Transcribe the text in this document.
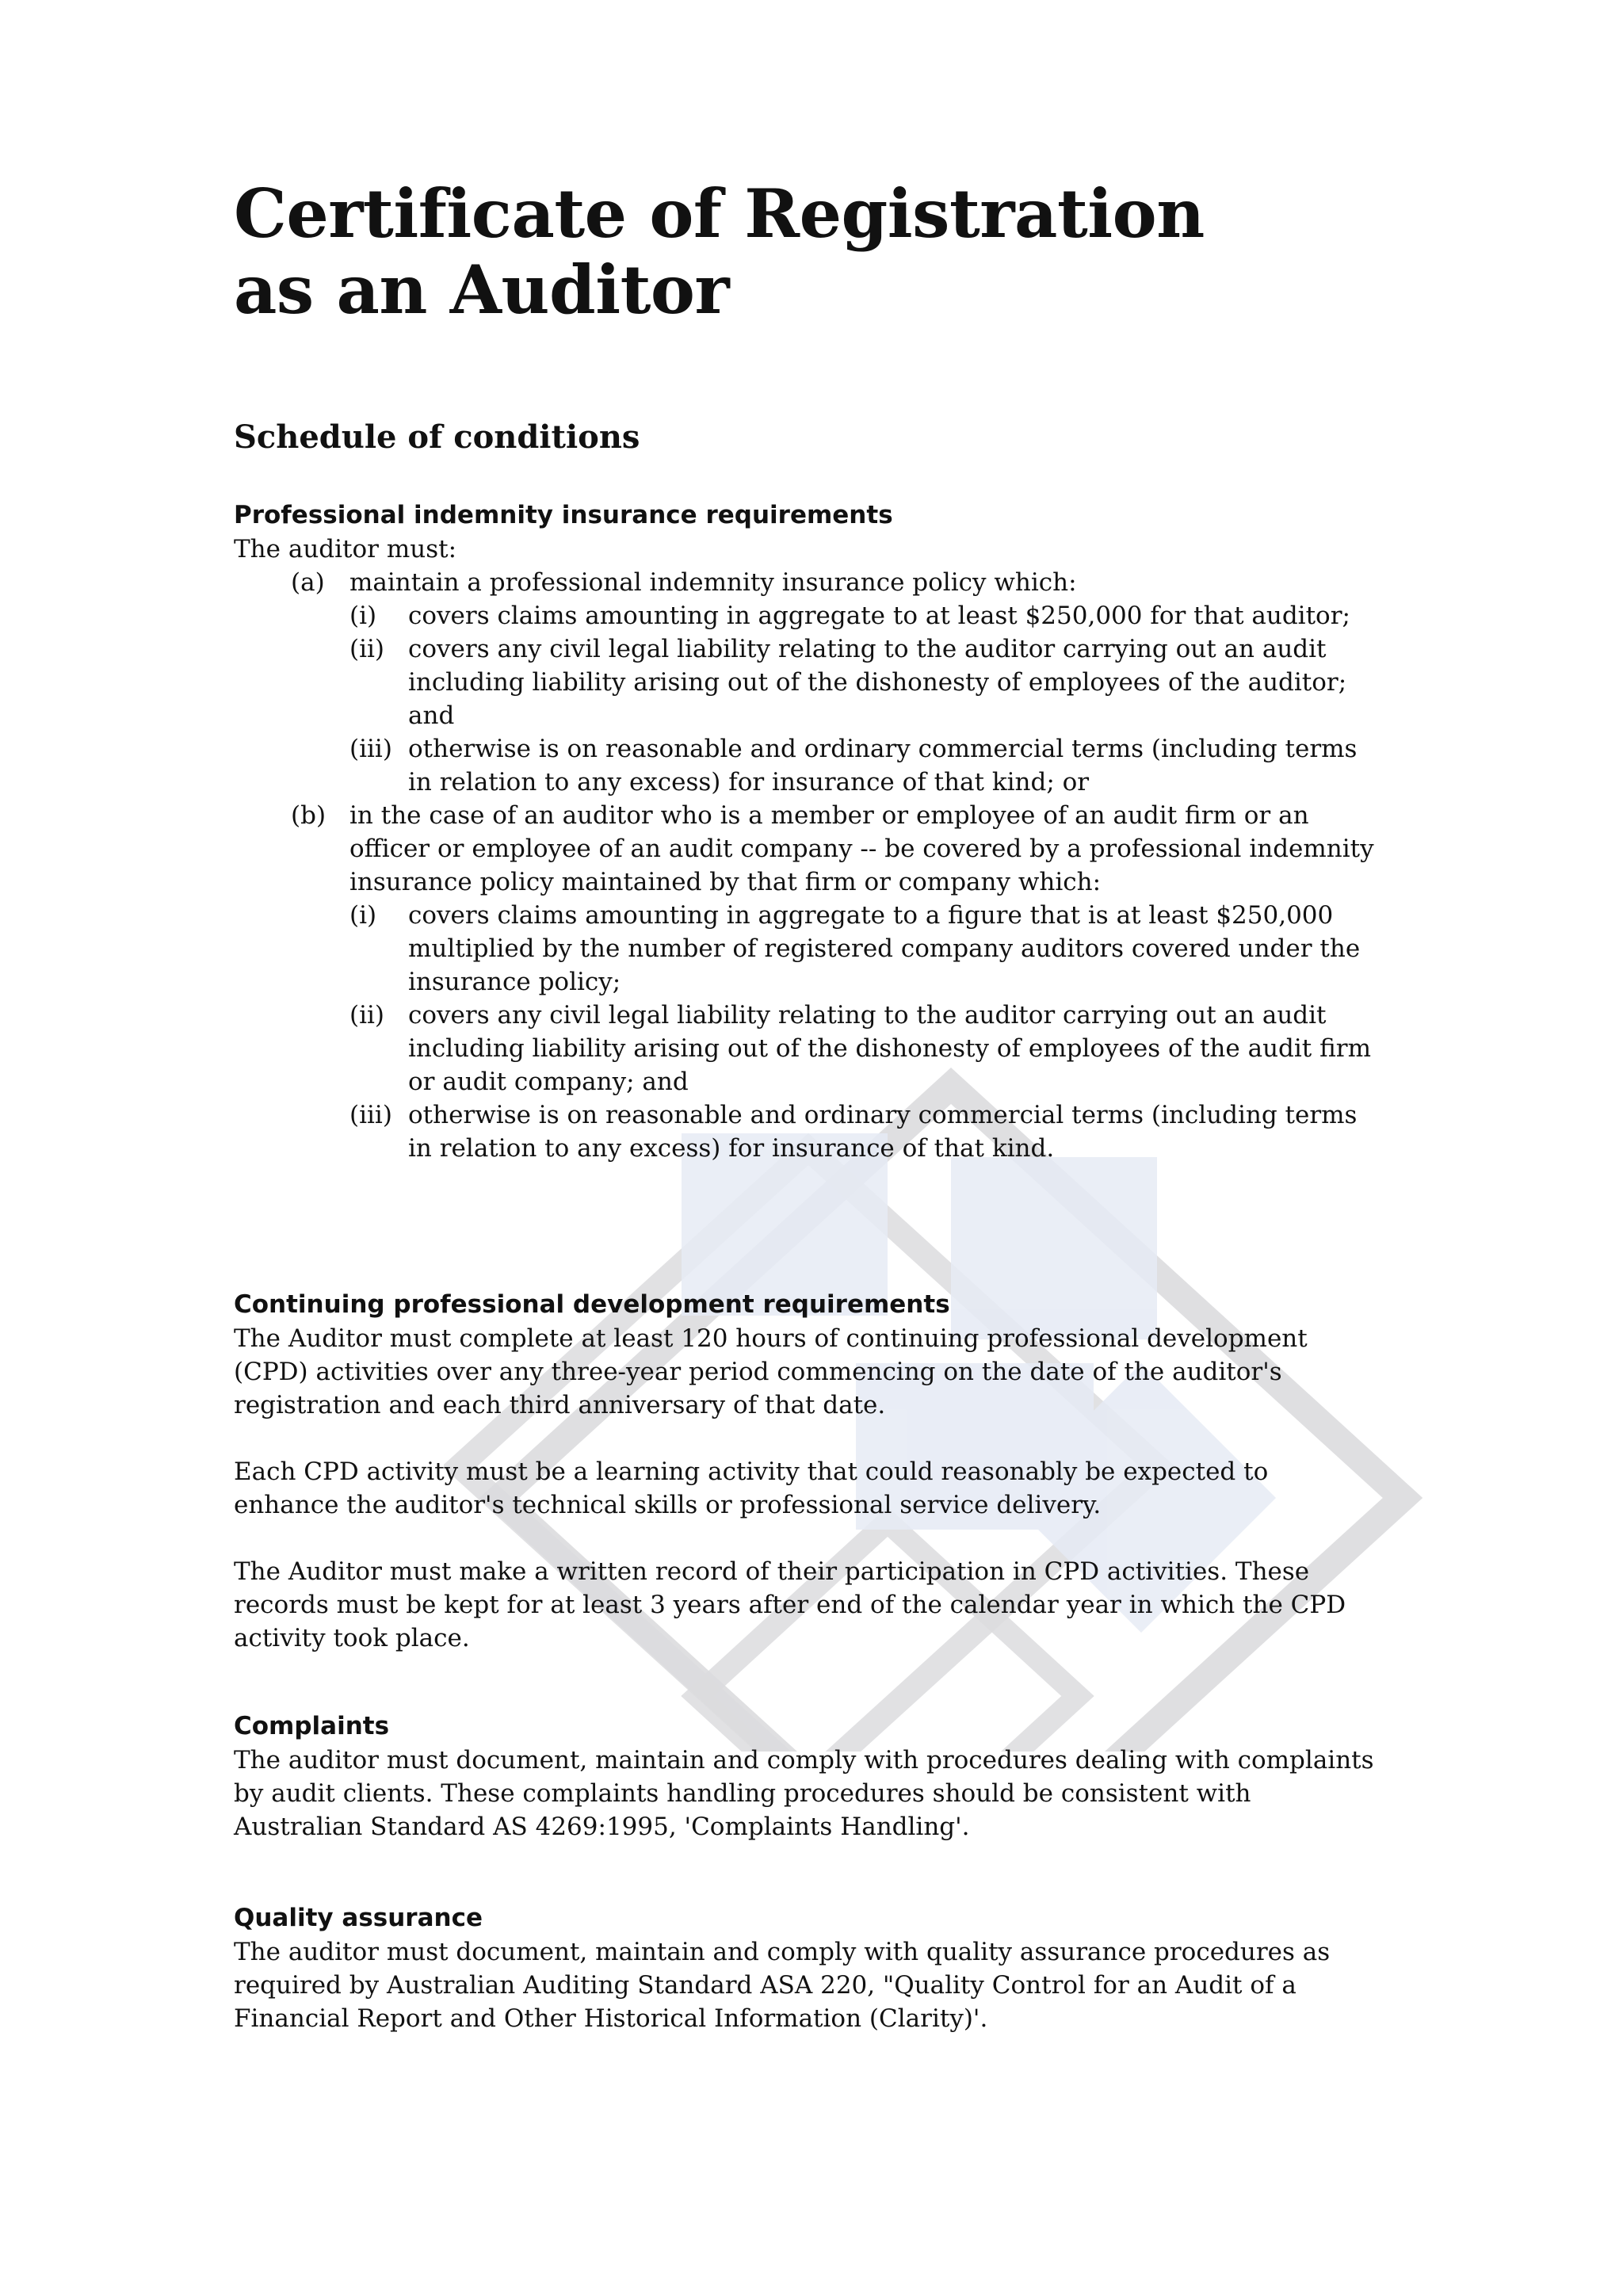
Certificate of Registration
as an Auditor
Schedule of conditions
Professional indemnity insurance requirements
The auditor must:
(a) maintain a professional indemnity insurance policy which:
(i) covers claims amounting in aggregate to at least $250,000 for that auditor;
(ii) covers any civil legal liability relating to the auditor carrying out an audit including liability arising out of the dishonesty of employees of the auditor; and
(iii) otherwise is on reasonable and ordinary commercial terms (including terms in relation to any excess) for insurance of that kind; or
(b) in the case of an auditor who is a member or employee of an audit firm or an officer or employee of an audit company -- be covered by a professional indemnity insurance policy maintained by that firm or company which:
(i) covers claims amounting in aggregate to a figure that is at least $250,000 multiplied by the number of registered company auditors covered under the insurance policy;
(ii) covers any civil legal liability relating to the auditor carrying out an audit including liability arising out of the dishonesty of employees of the audit firm or audit company; and
(iii) otherwise is on reasonable and ordinary commercial terms (including terms in relation to any excess) for insurance of that kind.
Continuing professional development requirements

The Auditor must complete at least 120 hours of continuing professional development (CPD) activities over any three-year period commencing on the date of the auditor's registration and each third anniversary of that date.

Each CPD activity must be a learning activity that could reasonably be expected to enhance the auditor's technical skills or professional service delivery.

The Auditor must make a written record of their participation in CPD activities. These records must be kept for at least 3 years after end of the calendar year in which the CPD activity took place.

Complaints

The auditor must document, maintain and comply with procedures dealing with complaints by audit clients. These complaints handling procedures should be consistent with Australian Standard AS 4269:1995, 'Complaints Handling'.

Quality assurance

The auditor must document, maintain and comply with quality assurance procedures as required by Australian Auditing Standard ASA 220, "Quality Control for an Audit of a Financial Report and Other Historical Information (Clarity)'.
